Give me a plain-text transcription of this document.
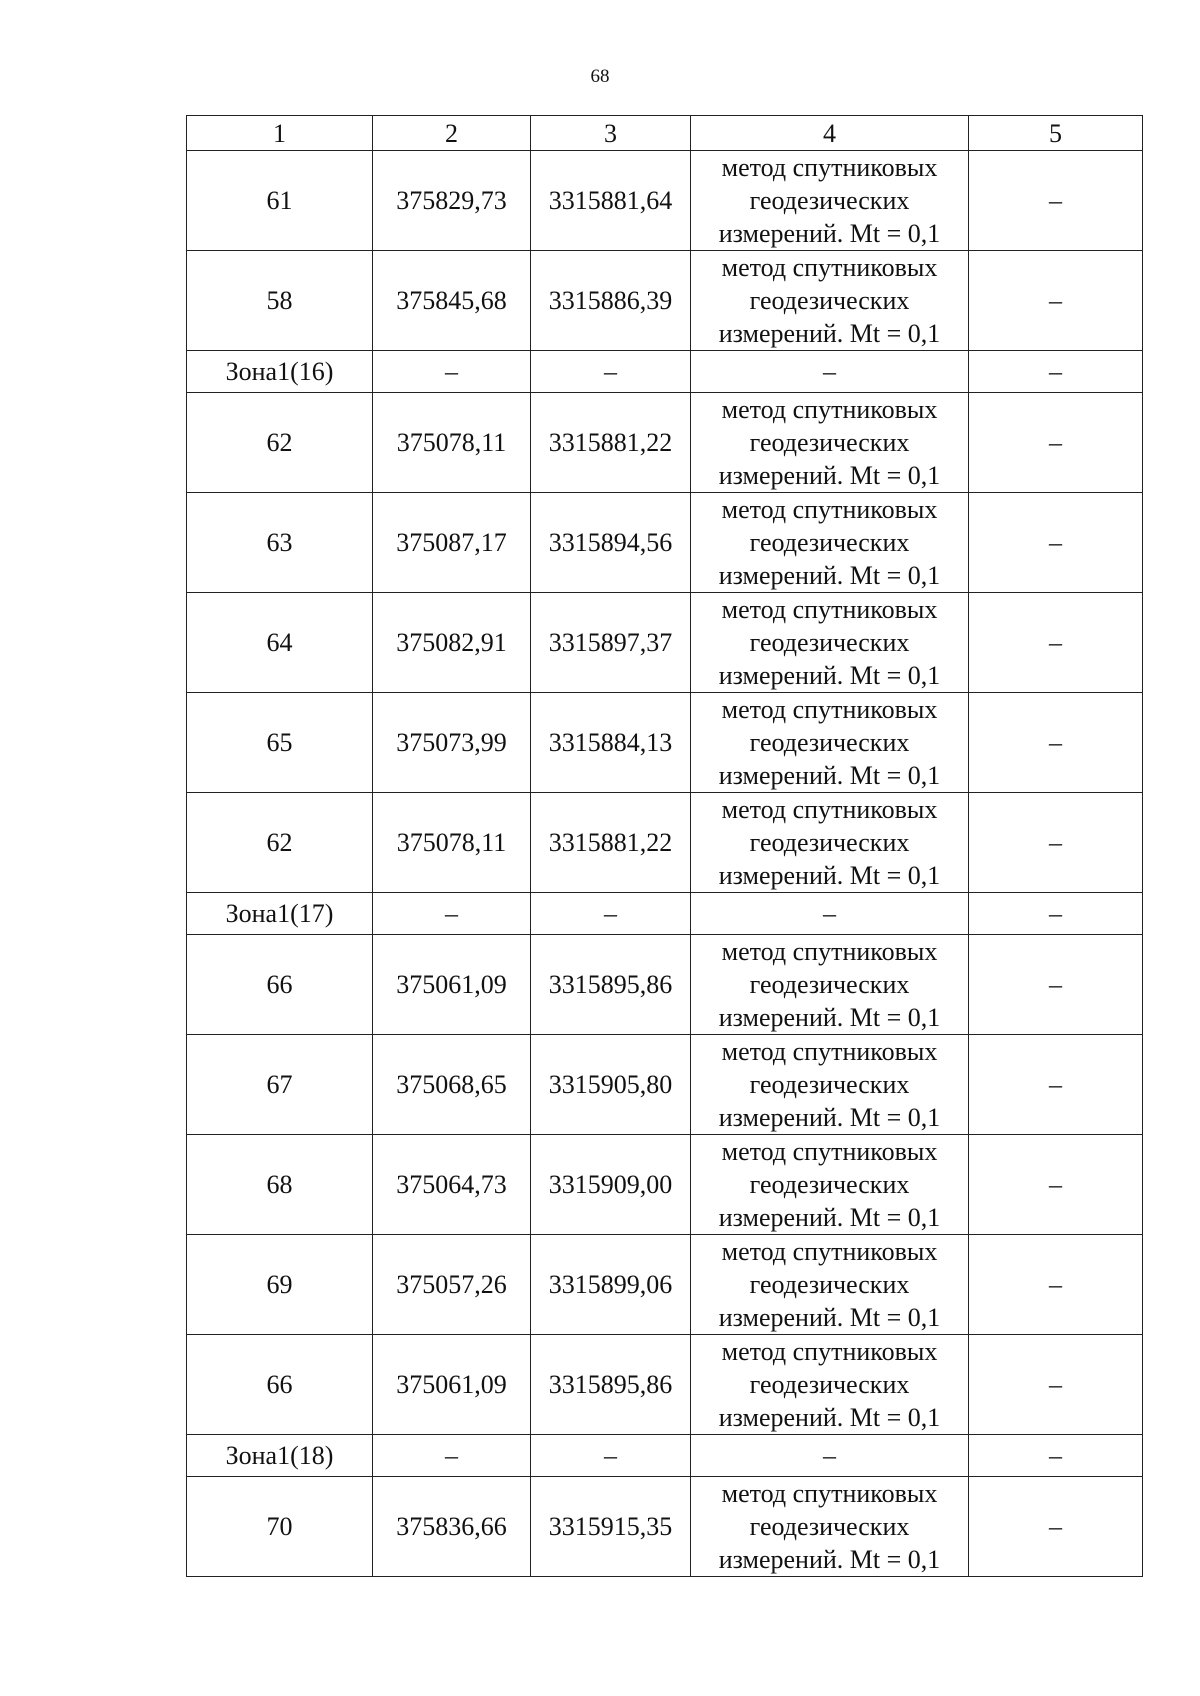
68
1	2	3	4	5
61	375829,73	3315881,64	метод спутниковых геодезических измерений. Mt = 0,1	–
58	375845,68	3315886,39	метод спутниковых геодезических измерений. Mt = 0,1	–
Зона1(16)	–	–	–	–
62	375078,11	3315881,22	метод спутниковых геодезических измерений. Mt = 0,1	–
63	375087,17	3315894,56	метод спутниковых геодезических измерений. Mt = 0,1	–
64	375082,91	3315897,37	метод спутниковых геодезических измерений. Mt = 0,1	–
65	375073,99	3315884,13	метод спутниковых геодезических измерений. Mt = 0,1	–
62	375078,11	3315881,22	метод спутниковых геодезических измерений. Mt = 0,1	–
Зона1(17)	–	–	–	–
66	375061,09	3315895,86	метод спутниковых геодезических измерений. Mt = 0,1	–
67	375068,65	3315905,80	метод спутниковых геодезических измерений. Mt = 0,1	–
68	375064,73	3315909,00	метод спутниковых геодезических измерений. Mt = 0,1	–
69	375057,26	3315899,06	метод спутниковых геодезических измерений. Mt = 0,1	–
66	375061,09	3315895,86	метод спутниковых геодезических измерений. Mt = 0,1	–
Зона1(18)	–	–	–	–
70	375836,66	3315915,35	метод спутниковых геодезических измерений. Mt = 0,1	–
